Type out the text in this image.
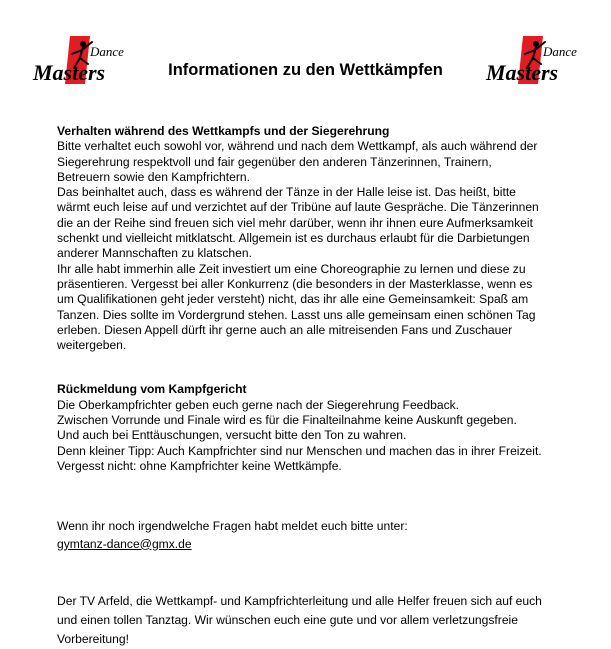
Dance
Masters	Informationen zu den Wettkämpfen
Dance
Masters
Verhalten während des Wettkampfs und der Siegerehrung
Bitte verhaltet euch sowohl vor, während und nach dem Wettkampf, als auch während der
Siegerehrung respektvoll und fair gegenüber den anderen Tänzerinnen, Trainern,
Betreuern sowie den Kampfrichtern.
Das beinhaltet auch, dass es während der Tänze in der Halle leise ist. Das heißt, bitte
wärmt euch leise auf und verzichtet auf der Tribüne auf laute Gespräche. Die Tänzerinnen
die an der Reihe sind freuen sich viel mehr darüber, wenn ihr ihnen eure Aufmerksamkeit
schenkt und vielleicht mitklatscht. Allgemein ist es durchaus erlaubt für die Darbietungen
anderer Mannschaften zu klatschen.
Ihr alle habt immerhin alle Zeit investiert um eine Choreographie zu lernen und diese zu
präsentieren. Vergesst bei aller Konkurrenz (die besonders in der Masterklasse, wenn es
um Qualifikationen geht jeder versteht) nicht, das ihr alle eine Gemeinsamkeit: Spaß am
Tanzen. Dies sollte im Vordergrund stehen. Lasst uns alle gemeinsam einen schönen Tag
erleben. Diesen Appell dürft ihr gerne auch an alle mitreisenden Fans und Zuschauer
weitergeben.
Rückmeldung vom Kampfgericht
Die Oberkampfrichter geben euch gerne nach der Siegerehrung Feedback.
Zwischen Vorrunde und Finale wird es für die Finalteilnahme keine Auskunft gegeben.
Und auch bei Enttäuschungen, versucht bitte den Ton zu wahren.
Denn kleiner Tipp: Auch Kampfrichter sind nur Menschen und machen das in ihrer Freizeit.
Vergesst nicht: ohne Kampfrichter keine Wettkämpfe.
Wenn ihr noch irgendwelche Fragen habt meldet euch bitte unter:
gymtanz-dance@gmx.de
Der TV Arfeld, die Wettkampf- und Kampfrichterleitung und alle Helfer freuen sich auf euch
und einen tollen Tanztag. Wir wünschen euch eine gute und vor allem verletzungsfreie
Vorbereitung!
